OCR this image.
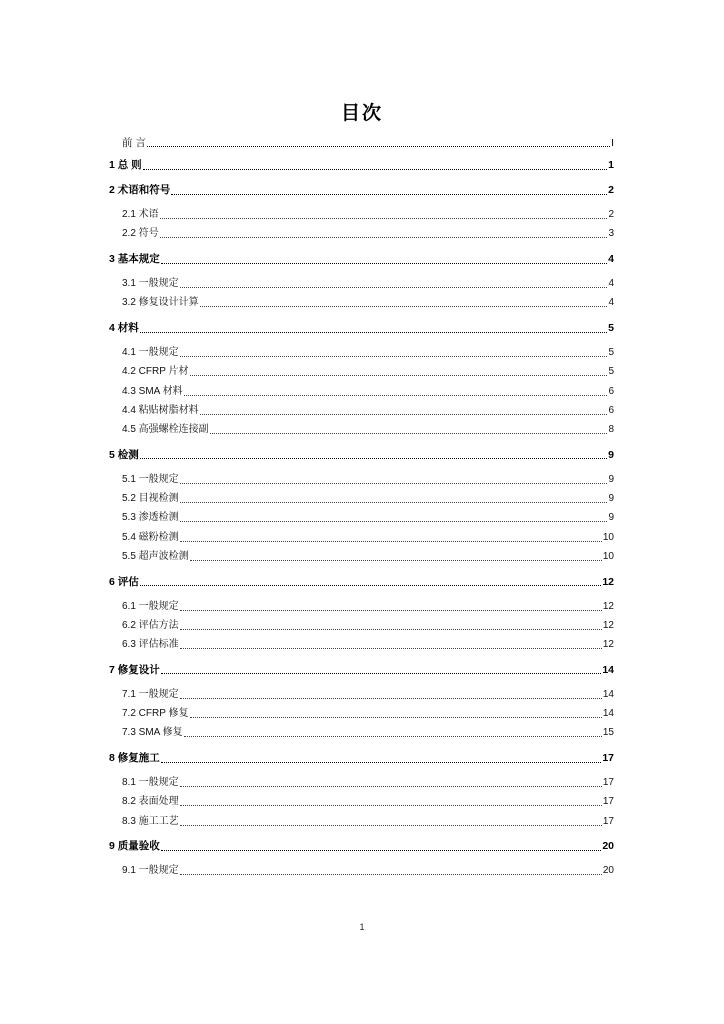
目次
前 言	I
1 总 则	1
2 术语和符号	2
2.1 术语	2
2.2 符号	3
3 基本规定	4
3.1 一般规定	4
3.2 修复设计计算	4
4 材料	5
4.1 一般规定	5
4.2 CFRP 片材	5
4.3 SMA 材料	6
4.4 粘贴树脂材料	6
4.5 高强螺栓连接副	8
5 检测	9
5.1 一般规定	9
5.2 目视检测	9
5.3 渗透检测	9
5.4 磁粉检测	10
5.5 超声波检测	10
6 评估	12
6.1 一般规定	12
6.2 评估方法	12
6.3 评估标准	12
7 修复设计	14
7.1 一般规定	14
7.2 CFRP 修复	14
7.3 SMA 修复	15
8 修复施工	17
8.1 一般规定	17
8.2 表面处理	17
8.3 施工工艺	17
9 质量验收	20
9.1 一般规定	20
1
